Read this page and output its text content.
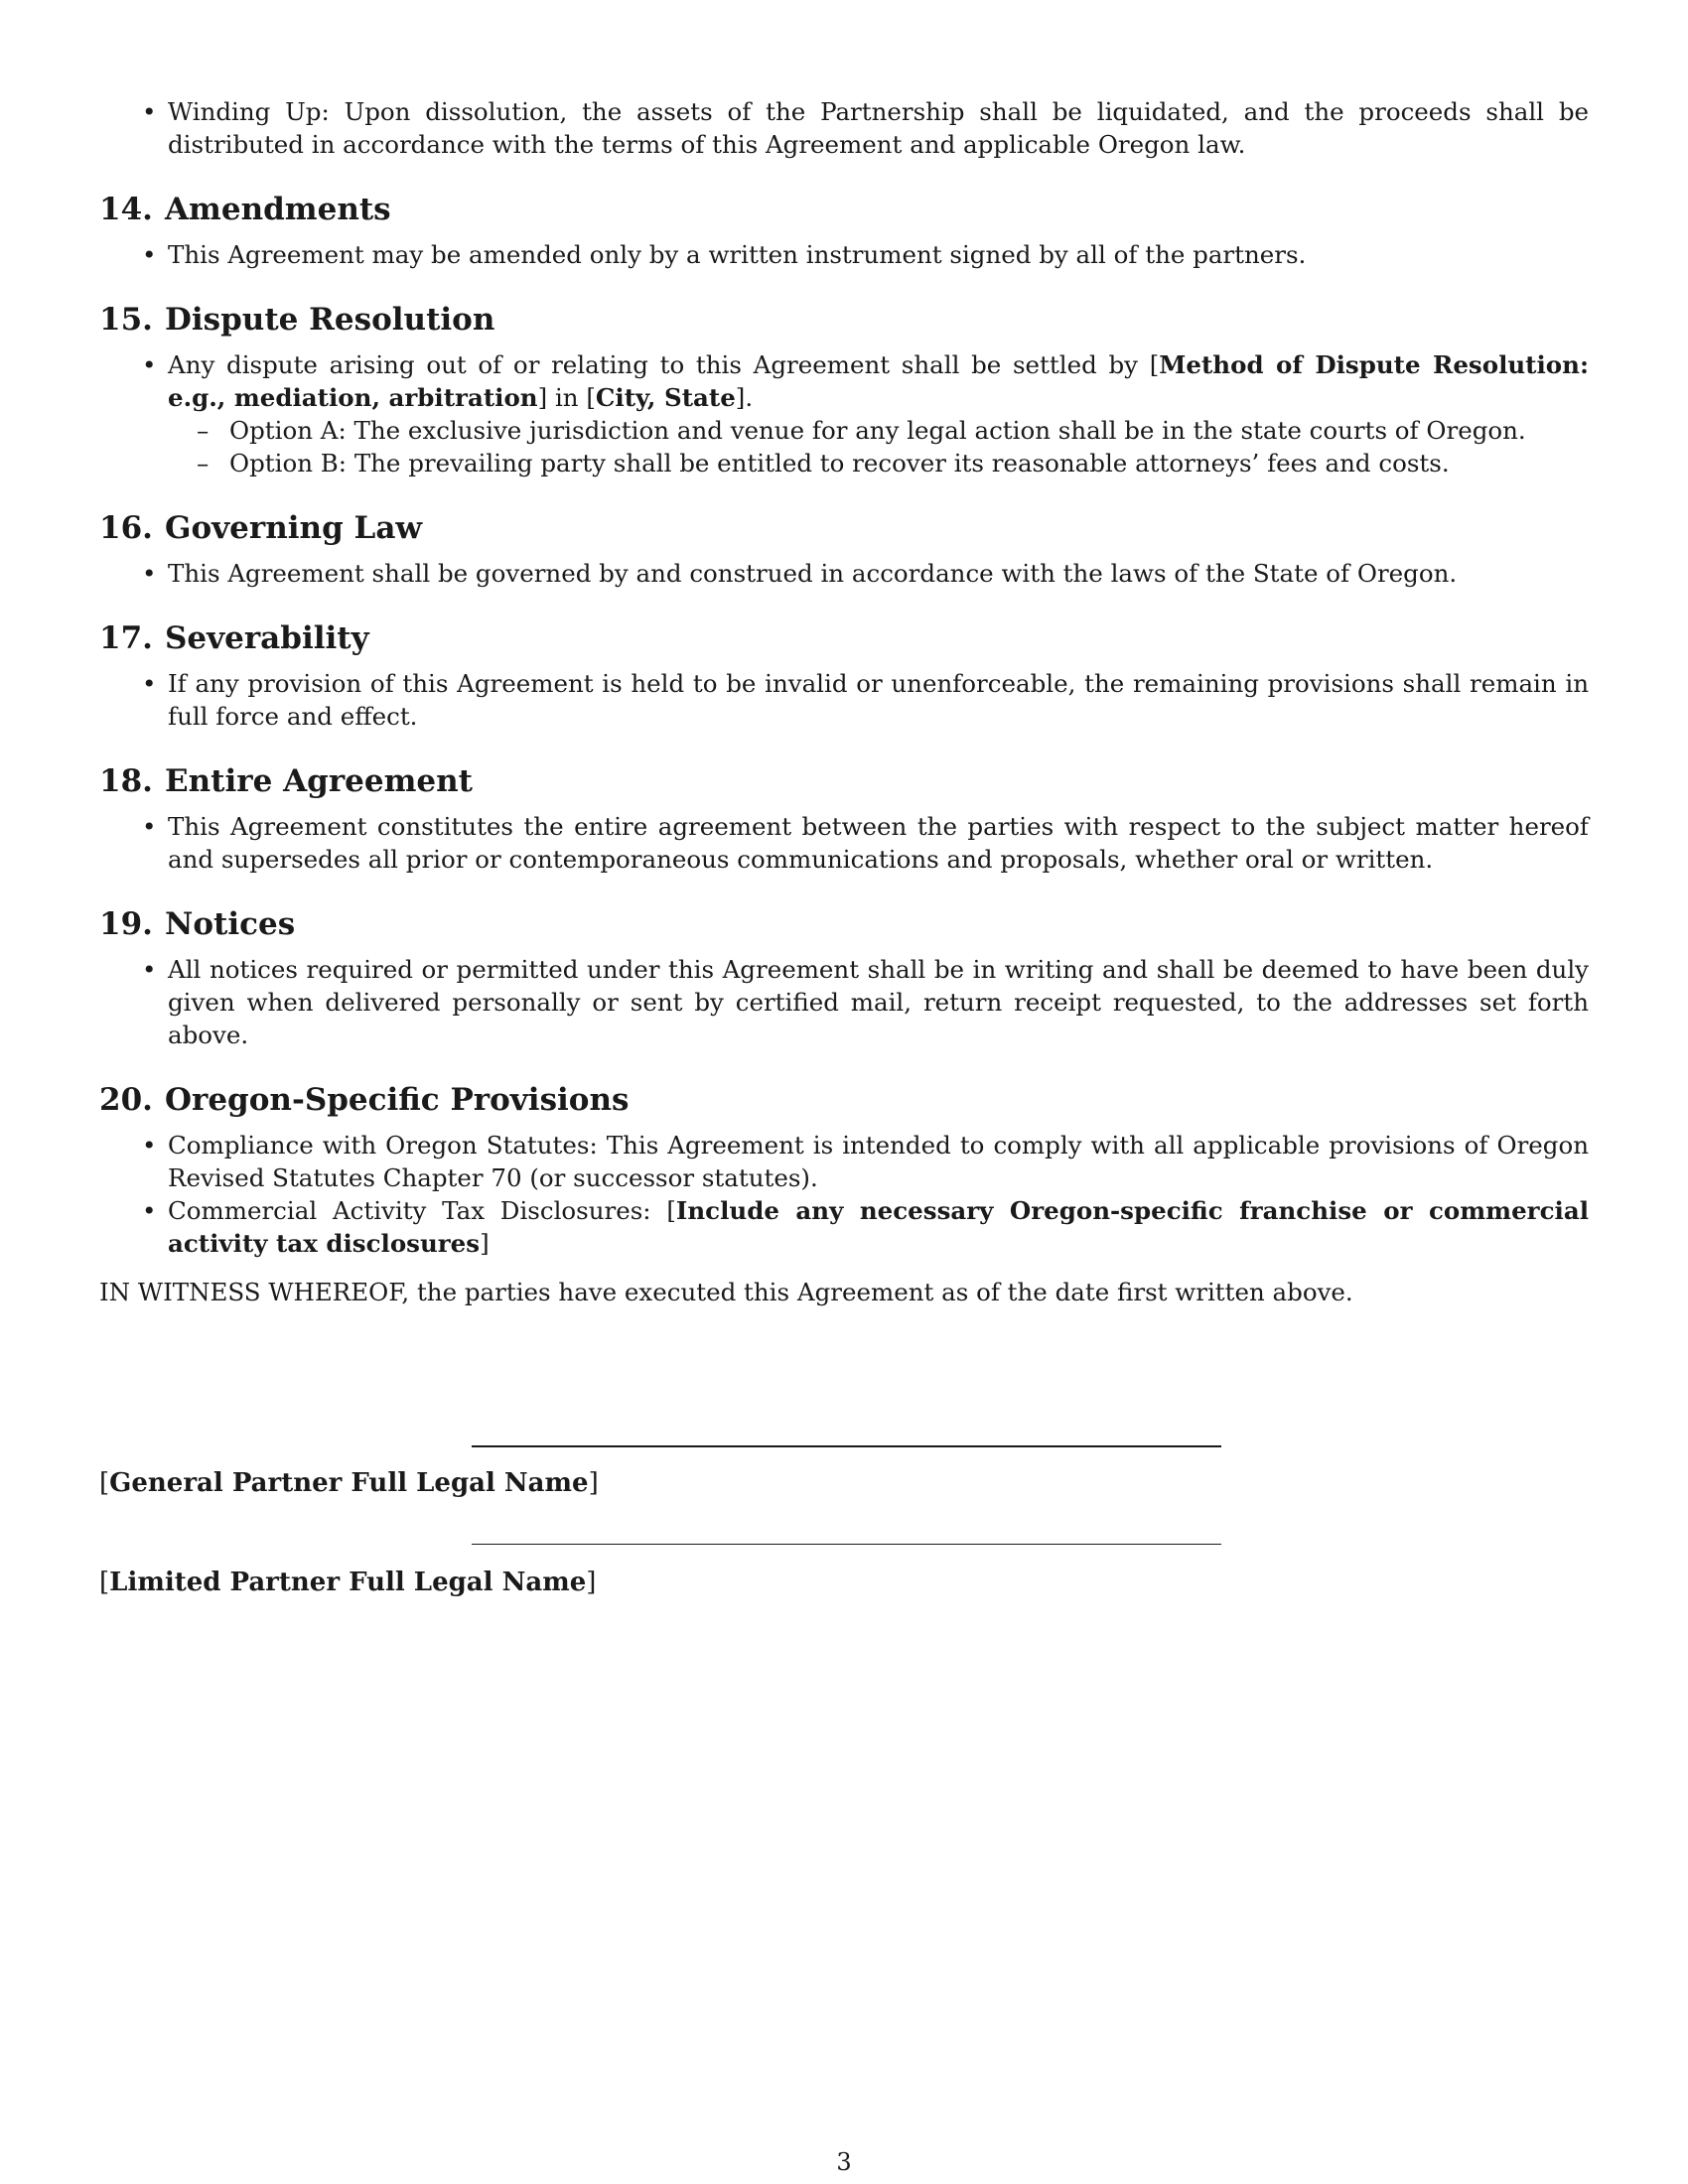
• Winding Up: Upon dissolution, the assets of the Partnership shall be liquidated, and the proceeds shall be distributed in accordance with the terms of this Agreement and applicable Oregon law.
14. Amendments
• This Agreement may be amended only by a written instrument signed by all of the partners.
15. Dispute Resolution
• Any dispute arising out of or relating to this Agreement shall be settled by [Method of Dispute Resolution: e.g., mediation, arbitration] in [City, State].
– Option A: The exclusive jurisdiction and venue for any legal action shall be in the state courts of Oregon.
– Option B: The prevailing party shall be entitled to recover its reasonable attorneys’ fees and costs.
16. Governing Law
• This Agreement shall be governed by and construed in accordance with the laws of the State of Oregon.
17. Severability
• If any provision of this Agreement is held to be invalid or unenforceable, the remaining provisions shall remain in full force and effect.
18. Entire Agreement
• This Agreement constitutes the entire agreement between the parties with respect to the subject matter hereof and supersedes all prior or contemporaneous communications and proposals, whether oral or written.
19. Notices
• All notices required or permitted under this Agreement shall be in writing and shall be deemed to have been duly given when delivered personally or sent by certified mail, return receipt requested, to the addresses set forth above.
20. Oregon-Specific Provisions
• Compliance with Oregon Statutes: This Agreement is intended to comply with all applicable provisions of Oregon Revised Statutes Chapter 70 (or successor statutes).
• Commercial Activity Tax Disclosures: [Include any necessary Oregon-specific franchise or commercial activity tax disclosures]
IN WITNESS WHEREOF, the parties have executed this Agreement as of the date first written above.
[General Partner Full Legal Name]
[Limited Partner Full Legal Name]
3
